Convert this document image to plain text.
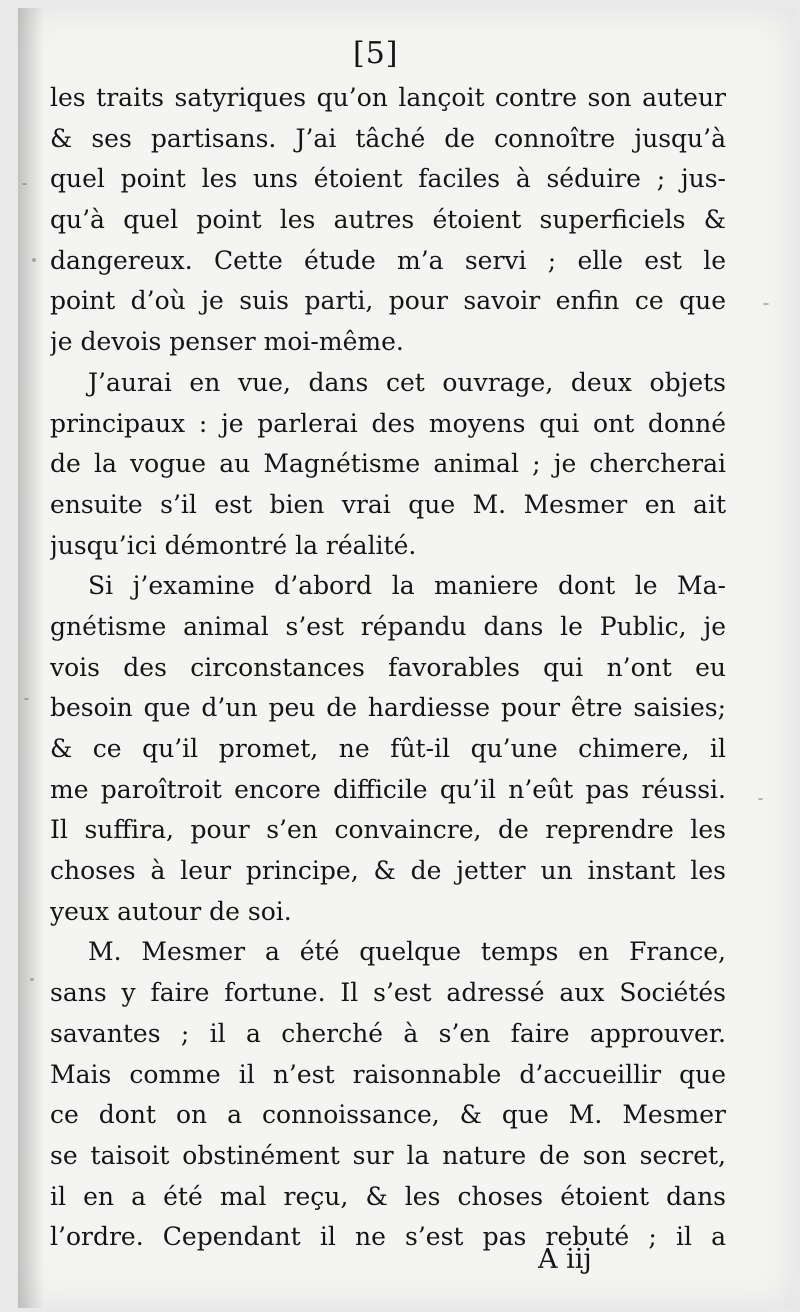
[5]
les traits satyriques qu’on lançoit contre son auteur
& ses partisans. J’ai tâché de connoître jusqu’à
quel point les uns étoient faciles à séduire ; jus-
qu’à quel point les autres étoient superficiels &
dangereux. Cette étude m’a servi ; elle est le
point d’où je suis parti, pour savoir enfin ce que
je devois penser moi-même.
J’aurai en vue, dans cet ouvrage, deux objets
principaux : je parlerai des moyens qui ont donné
de la vogue au Magnétisme animal ; je chercherai
ensuite s’il est bien vrai que M. Mesmer en ait
jusqu’ici démontré la réalité.
Si j’examine d’abord la maniere dont le Ma-
gnétisme animal s’est répandu dans le Public, je
vois des circonstances favorables qui n’ont eu
besoin que d’un peu de hardiesse pour être saisies;
& ce qu’il promet, ne fût-il qu’une chimere, il
me paroîtroit encore difficile qu’il n’eût pas réussi.
Il suffira, pour s’en convaincre, de reprendre les
choses à leur principe, & de jetter un instant les
yeux autour de soi.
M. Mesmer a été quelque temps en France,
sans y faire fortune. Il s’est adressé aux Sociétés
savantes ; il a cherché à s’en faire approuver.
Mais comme il n’est raisonnable d’accueillir que
ce dont on a connoissance, & que M. Mesmer
se taisoit obstinément sur la nature de son secret,
il en a été mal reçu, & les choses étoient dans
l’ordre. Cependant il ne s’est pas rebuté ; il a
A iij
